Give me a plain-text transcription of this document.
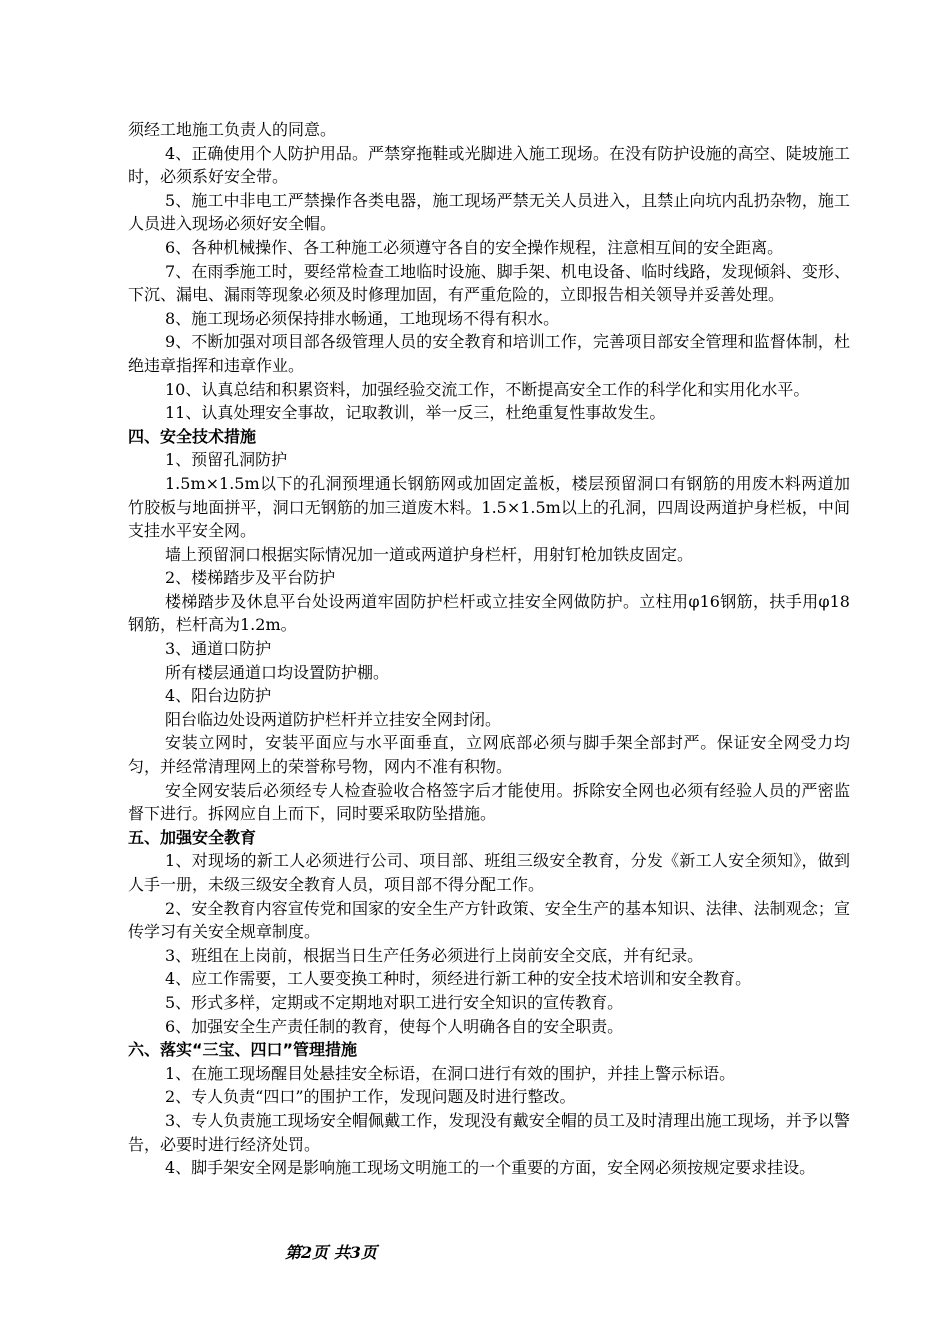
须经工地施工负责人的同意。

4、正确使用个人防护用品。严禁穿拖鞋或光脚进入施工现场。在没有防护设施的高空、陡坡施工时，必须系好安全带。

5、施工中非电工严禁操作各类电器，施工现场严禁无关人员进入，且禁止向坑内乱扔杂物，施工人员进入现场必须好安全帽。

6、各种机械操作、各工种施工必须遵守各自的安全操作规程，注意相互间的安全距离。

7、在雨季施工时，要经常检查工地临时设施、脚手架、机电设备、临时线路，发现倾斜、变形、下沉、漏电、漏雨等现象必须及时修理加固，有严重危险的，立即报告相关领导并妥善处理。

8、施工现场必须保持排水畅通，工地现场不得有积水。

9、不断加强对项目部各级管理人员的安全教育和培训工作，完善项目部安全管理和监督体制，杜绝违章指挥和违章作业。

10、认真总结和积累资料，加强经验交流工作，不断提高安全工作的科学化和实用化水平。

11、认真处理安全事故，记取教训，举一反三，杜绝重复性事故发生。

四、安全技术措施

1、预留孔洞防护

1.5m×1.5m以下的孔洞预埋通长钢筋网或加固定盖板，楼层预留洞口有钢筋的用废木料两道加竹胶板与地面拼平，洞口无钢筋的加三道废木料。1.5×1.5m以上的孔洞，四周设两道护身栏板，中间支挂水平安全网。

墙上预留洞口根据实际情况加一道或两道护身栏杆，用射钉枪加铁皮固定。

2、楼梯踏步及平台防护

楼梯踏步及休息平台处设两道牢固防护栏杆或立挂安全网做防护。立柱用φ16钢筋，扶手用φ18钢筋，栏杆高为1.2m。

3、通道口防护

所有楼层通道口均设置防护棚。

4、阳台边防护

阳台临边处设两道防护栏杆并立挂安全网封闭。

安装立网时，安装平面应与水平面垂直，立网底部必须与脚手架全部封严。保证安全网受力均匀，并经常清理网上的荣誉称号物，网内不准有积物。

安全网安装后必须经专人检查验收合格签字后才能使用。拆除安全网也必须有经验人员的严密监督下进行。拆网应自上而下，同时要采取防坠措施。

五、加强安全教育

1、对现场的新工人必须进行公司、项目部、班组三级安全教育，分发《新工人安全须知》，做到人手一册，未级三级安全教育人员，项目部不得分配工作。

2、安全教育内容宣传党和国家的安全生产方针政策、安全生产的基本知识、法律、法制观念；宣传学习有关安全规章制度。

3、班组在上岗前，根据当日生产任务必须进行上岗前安全交底，并有纪录。

4、应工作需要，工人要变换工种时，须经进行新工种的安全技术培训和安全教育。

5、形式多样，定期或不定期地对职工进行安全知识的宣传教育。

6、加强安全生产责任制的教育，使每个人明确各自的安全职责。

六、落实“三宝、四口”管理措施

1、在施工现场醒目处悬挂安全标语，在洞口进行有效的围护，并挂上警示标语。

2、专人负责“四口”的围护工作，发现问题及时进行整改。

3、专人负责施工现场安全帽佩戴工作，发现没有戴安全帽的员工及时清理出施工现场，并予以警告，必要时进行经济处罚。

4、脚手架安全网是影响施工现场文明施工的一个重要的方面，安全网必须按规定要求挂设。

第2页 共3页
